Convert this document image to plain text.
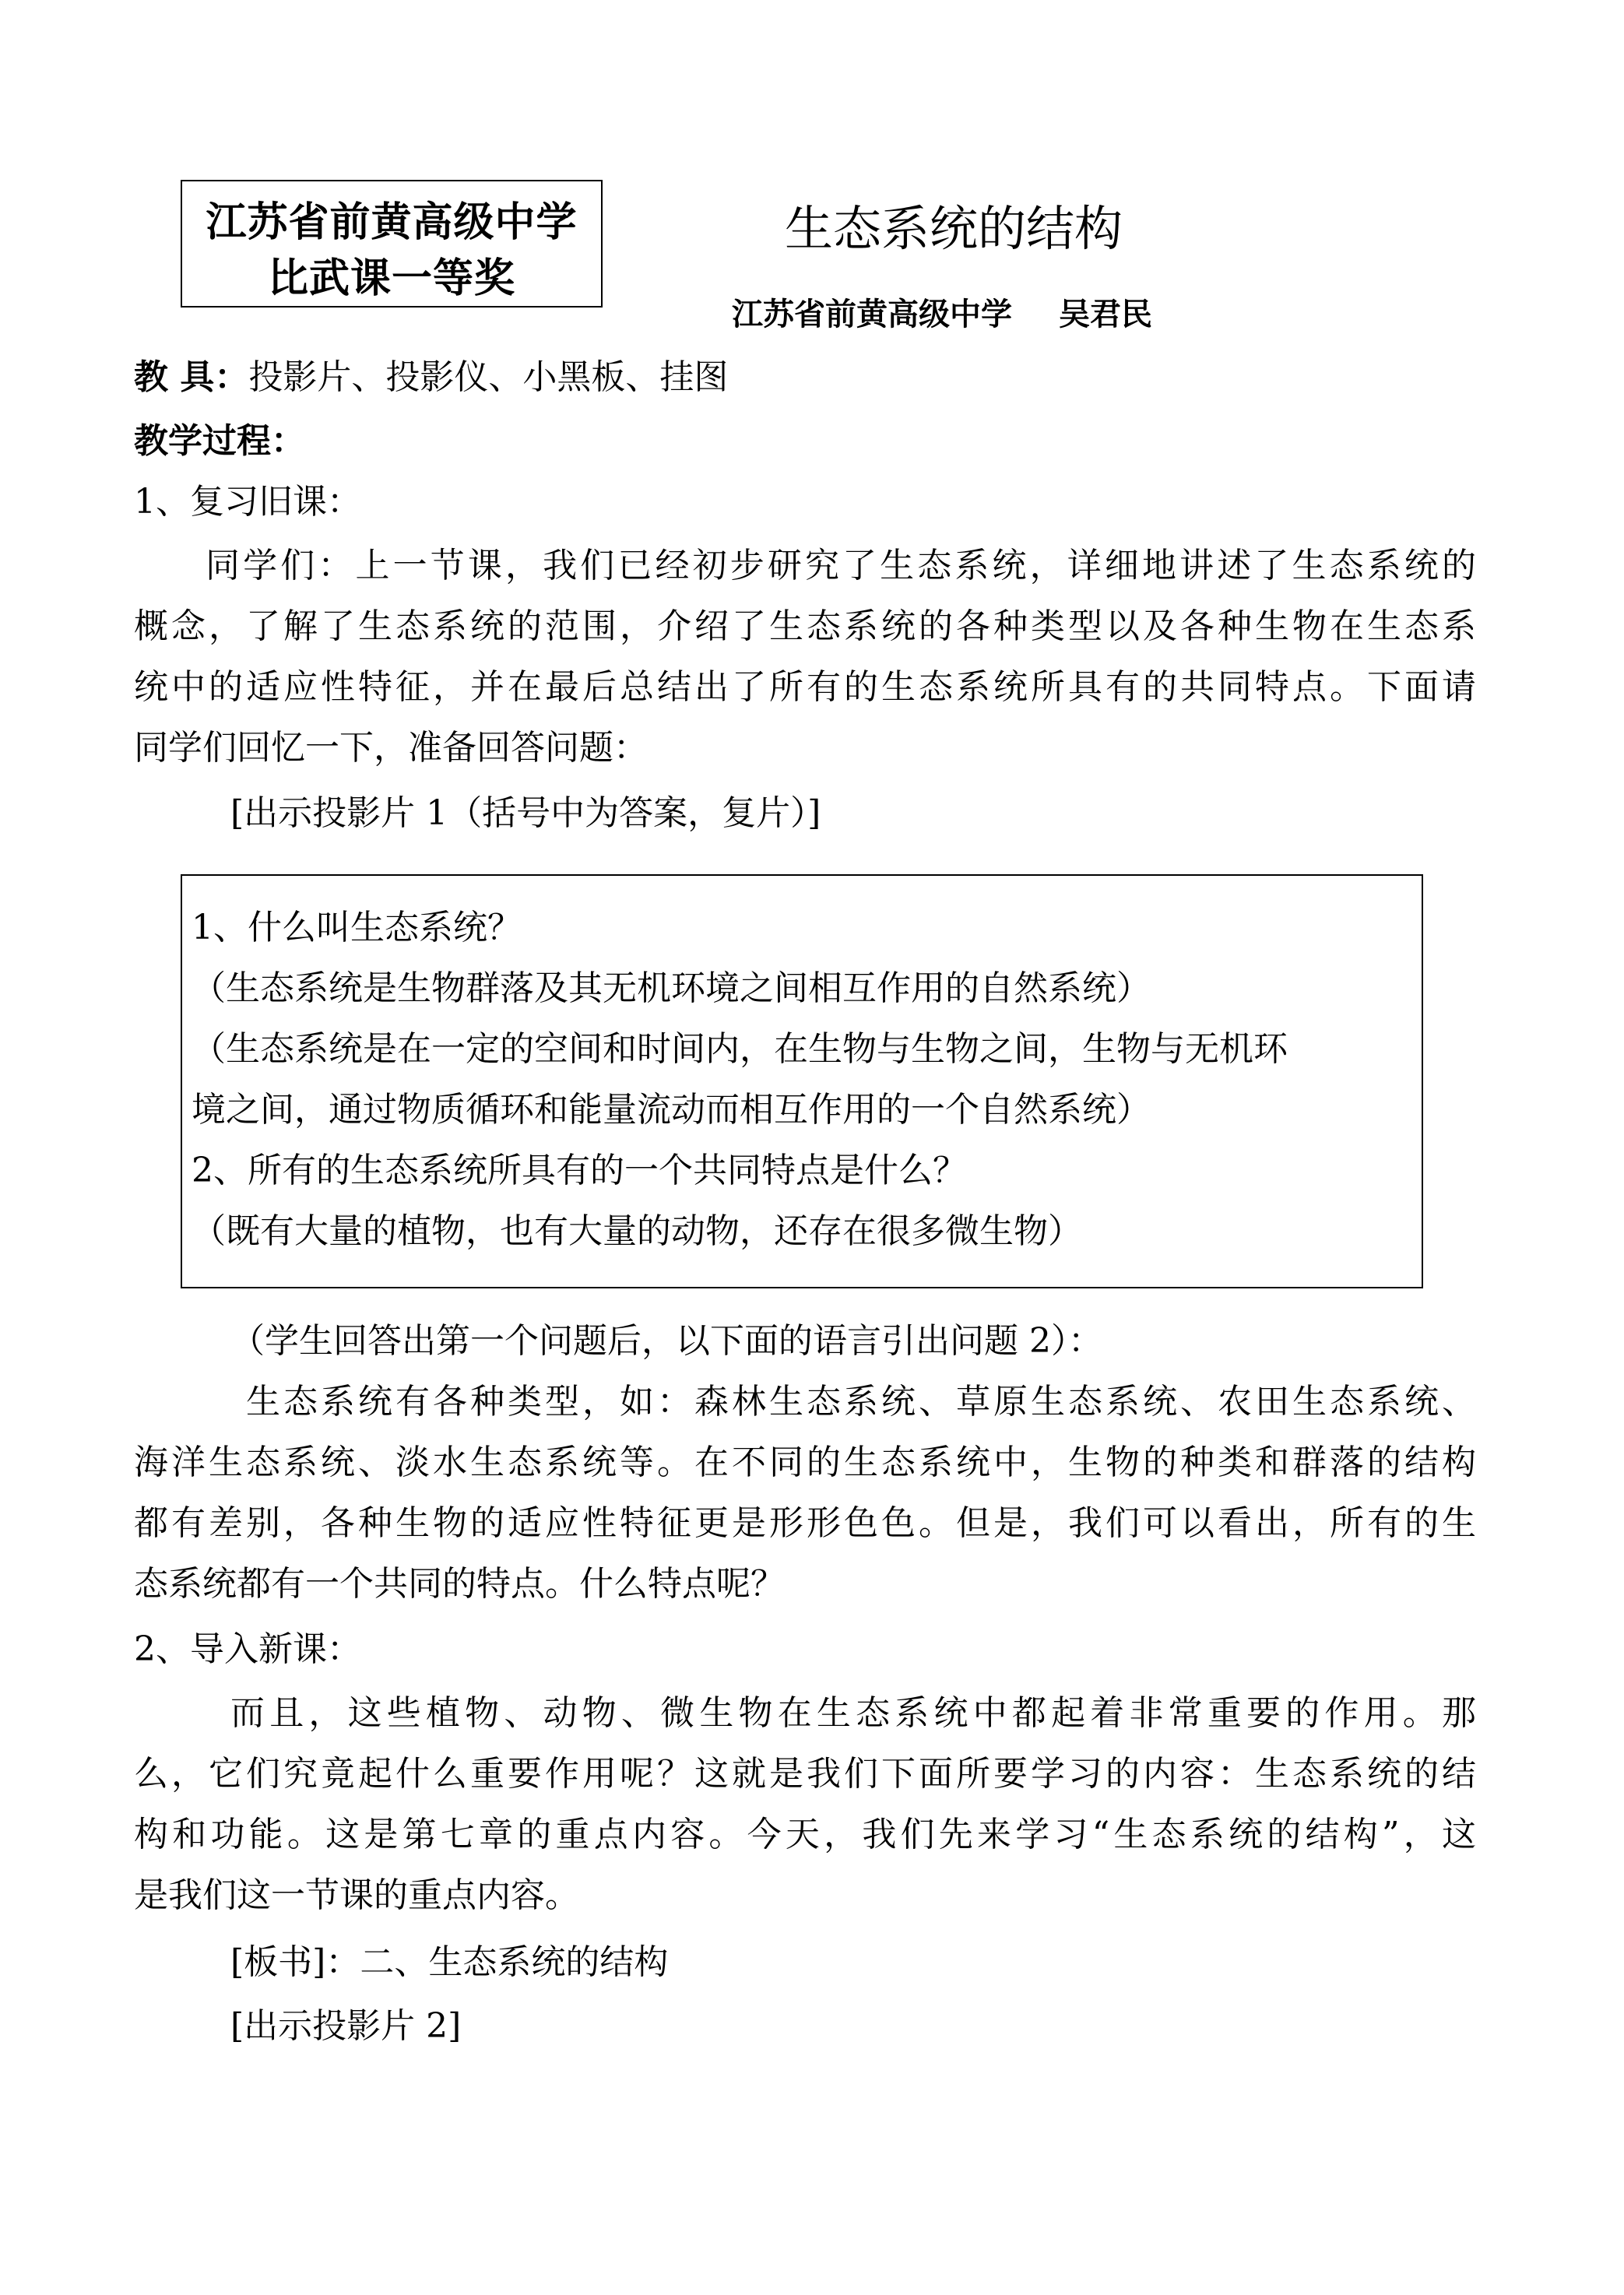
江苏省前黄高级中学
比武课一等奖
生态系统的结构
江苏省前黄高级中学 吴君民
教 具：投影片、投影仪、小黑板、挂图
教学过程：
1、复习旧课：
同学们：上一节课，我们已经初步研究了生态系统，详细地讲述了生态系统的
概念，了解了生态系统的范围，介绍了生态系统的各种类型以及各种生物在生态系
统中的适应性特征，并在最后总结出了所有的生态系统所具有的共同特点。下面请
同学们回忆一下，准备回答问题：
[出示投影片 1（括号中为答案，复片）]
1、什么叫生态系统？
（生态系统是生物群落及其无机环境之间相互作用的自然系统）
（生态系统是在一定的空间和时间内，在生物与生物之间，生物与无机环
境之间，通过物质循环和能量流动而相互作用的一个自然系统）
2、所有的生态系统所具有的一个共同特点是什么？
（既有大量的植物，也有大量的动物，还存在很多微生物）
（学生回答出第一个问题后，以下面的语言引出问题 2）：
生态系统有各种类型，如：森林生态系统、草原生态系统、农田生态系统、
海洋生态系统、淡水生态系统等。在不同的生态系统中，生物的种类和群落的结构
都有差别，各种生物的适应性特征更是形形色色。但是，我们可以看出，所有的生
态系统都有一个共同的特点。什么特点呢？
2、导入新课：
而且，这些植物、动物、微生物在生态系统中都起着非常重要的作用。那
么，它们究竟起什么重要作用呢？这就是我们下面所要学习的内容：生态系统的结
构和功能。这是第七章的重点内容。今天，我们先来学习“生态系统的结构”，这
是我们这一节课的重点内容。
[板书]：二、生态系统的结构
[出示投影片 2]
